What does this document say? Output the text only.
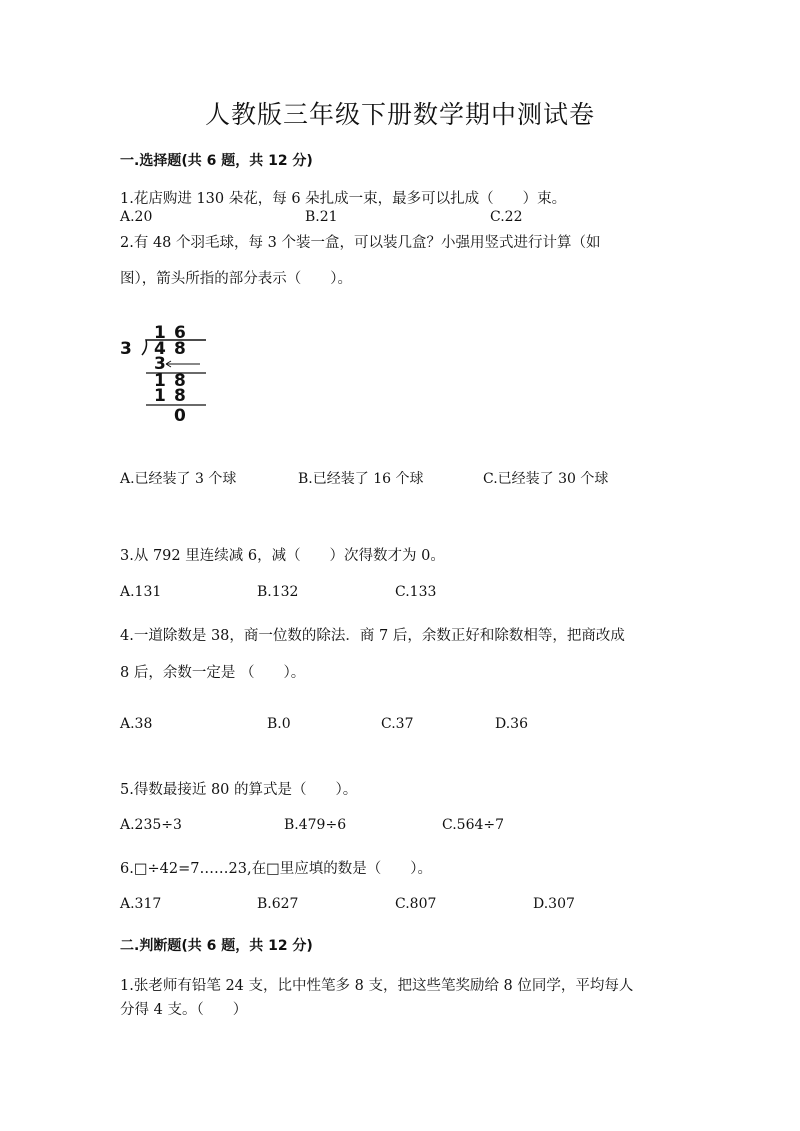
人教版三年级下册数学期中测试卷
一.选择题(共 6 题，共 12 分)
1.花店购进 130 朵花，每 6 朵扎成一束，最多可以扎成（　　）束。
A.20	B.21	C.22
2.有 48 个羽毛球，每 3 个装一盒，可以装几盒？小强用竖式进行计算（如
图），箭头所指的部分表示（　　）。
1 6
3 4 8
3
1 8
1 8
0
A.已经装了 3 个球	B.已经装了 16 个球	C.已经装了 30 个球
3.从 792 里连续减 6，减（　　）次得数才为 0。
A.131	B.132	C.133
4.一道除数是 38，商一位数的除法．商 7 后，余数正好和除数相等，把商改成
8 后，余数一定是 （　　）。
A.38	B.0	C.37	D.36
5.得数最接近 80 的算式是（　　）。
A.235÷3	B.479÷6	C.564÷7
6.□÷42=7……23,在□里应填的数是（　　）。
A.317	B.627	C.807	D.307
二.判断题(共 6 题，共 12 分)
1.张老师有铅笔 24 支，比中性笔多 8 支，把这些笔奖励给 8 位同学，平均每人
分得 4 支。（　　）
